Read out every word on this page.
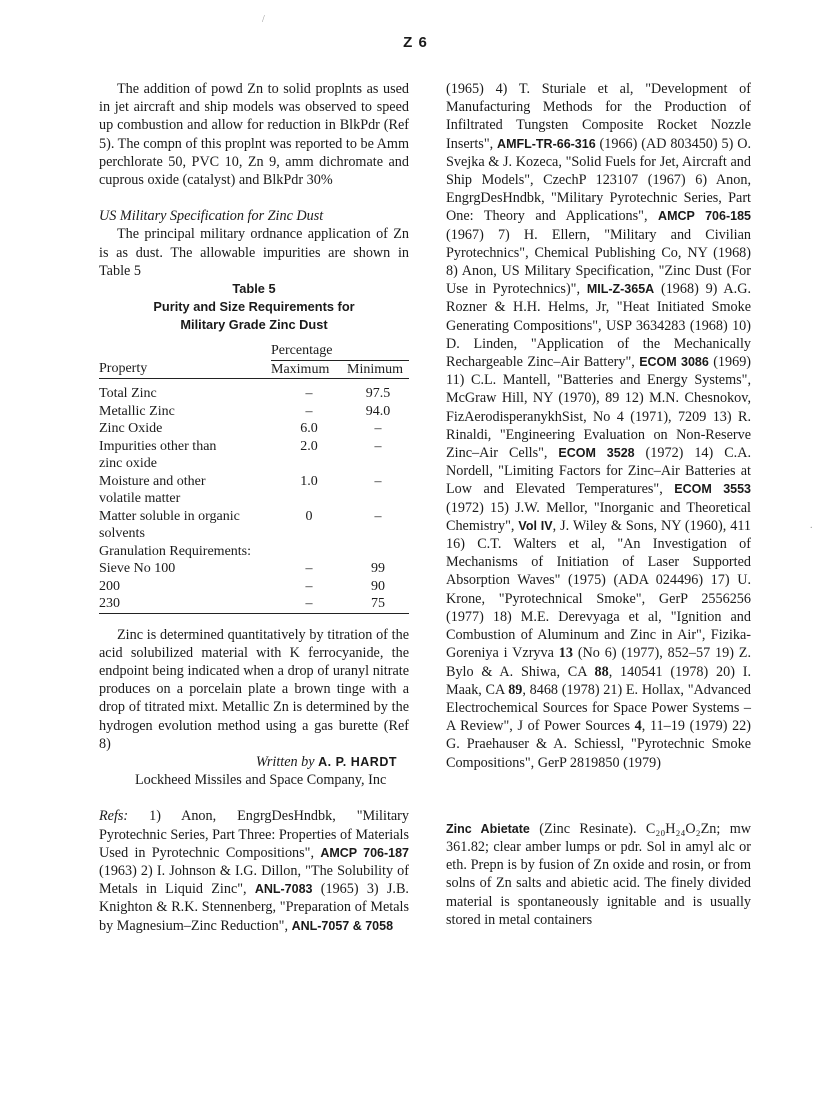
Z 6

The addition of powd Zn to solid proplnts as used in jet aircraft and ship models was observed to speed up combustion and allow for reduction in BlkPdr (Ref 5). The compn of this proplnt was reported to be Amm perchlorate 50, PVC 10, Zn 9, amm dichromate and cuprous oxide (catalyst) and BlkPdr 30%

US Military Specification for Zinc Dust

The principal military ordnance application of Zn is as dust. The allowable impurities are shown in Table 5

Table 5
Purity and Size Requirements for
Military Grade Zinc Dust
	Percentage	
Property	Maximum	Minimum

Total Zinc	–	97.5
Metallic Zinc	–	94.0
Zinc Oxide	6.0	–
Impurities other than	2.0	–
zinc oxide		
Moisture and other	1.0	–
volatile matter		
Matter soluble in organic	0	–
solvents		
Granulation Requirements:		
Sieve No 100	–	99
200	–	90
230	–	75

Zinc is determined quantitatively by titration of the acid solubilized material with K ferrocyanide, the endpoint being indicated when a drop of uranyl nitrate produces on a porcelain plate a brown tinge with a drop of titrated mixt. Metallic Zn is determined by the hydrogen evolution method using a gas burette (Ref 8)

Written by A. P. HARDT
Lockheed Missiles and Space Company, Inc

Refs: 1) Anon, EngrgDesHndbk, "Military Pyrotechnic Series, Part Three: Properties of Materials Used in Pyrotechnic Compositions", AMCP 706-187 (1963) 2) I. Johnson & I.G. Dillon, "The Solubility of Metals in Liquid Zinc", ANL-7083 (1965) 3) J.B. Knighton & R.K. Stennenberg, "Preparation of Metals by Magnesium–Zinc Reduction", ANL-7057 & 7058

(1965) 4) T. Sturiale et al, "Development of Manufacturing Methods for the Production of Infiltrated Tungsten Composite Rocket Nozzle Inserts", AMFL-TR-66-316 (1966) (AD 803450) 5) O. Svejka & J. Kozeca, "Solid Fuels for Jet, Aircraft and Ship Models", CzechP 123107 (1967) 6) Anon, EngrgDesHndbk, "Military Pyrotechnic Series, Part One: Theory and Applications", AMCP 706-185 (1967) 7) H. Ellern, "Military and Civilian Pyrotechnics", Chemical Publishing Co, NY (1968) 8) Anon, US Military Specification, "Zinc Dust (For Use in Pyrotechnics)", MIL-Z-365A (1968) 9) A.G. Rozner & H.H. Helms, Jr, "Heat Initiated Smoke Generating Compositions", USP 3634283 (1968) 10) D. Linden, "Application of the Mechanically Rechargeable Zinc–Air Battery", ECOM 3086 (1969) 11) C.L. Mantell, "Batteries and Energy Systems", McGraw Hill, NY (1970), 89 12) M.N. Chesnokov, FizAerodisperanykhSist, No 4 (1971), 7209 13) R. Rinaldi, "Engineering Evaluation on Non-Reserve Zinc–Air Cells", ECOM 3528 (1972) 14) C.A. Nordell, "Limiting Factors for Zinc–Air Batteries at Low and Elevated Temperatures", ECOM 3553 (1972) 15) J.W. Mellor, "Inorganic and Theoretical Chemistry", Vol IV, J. Wiley & Sons, NY (1960), 411 16) C.T. Walters et al, "An Investigation of Mechanisms of Initiation of Laser Supported Absorption Waves" (1975) (ADA 024496) 17) U. Krone, "Pyrotechnical Smoke", GerP 2556256 (1977) 18) M.E. Derevyaga et al, "Ignition and Combustion of Aluminum and Zinc in Air", Fizika-Goreniya i Vzryva 13 (No 6) (1977), 852–57 19) Z. Bylo & A. Shiwa, CA 88, 140541 (1978) 20) I. Maak, CA 89, 8468 (1978) 21) E. Hollax, "Advanced Electrochemical Sources for Space Power Systems – A Review", J of Power Sources 4, 11–19 (1979) 22) G. Praehauser & A. Schiessl, "Pyrotechnic Smoke Compositions", GerP 2819850 (1979)

Zinc Abietate (Zinc Resinate). C₂₀H₂₄O₂Zn; mw 361.82; clear amber lumps or pdr. Sol in amyl alc or eth. Prepn is by fusion of Zn oxide and rosin, or from solns of Zn salts and abietic acid. The finely divided material is spontaneously ignitable and is usually stored in metal containers

/
.
